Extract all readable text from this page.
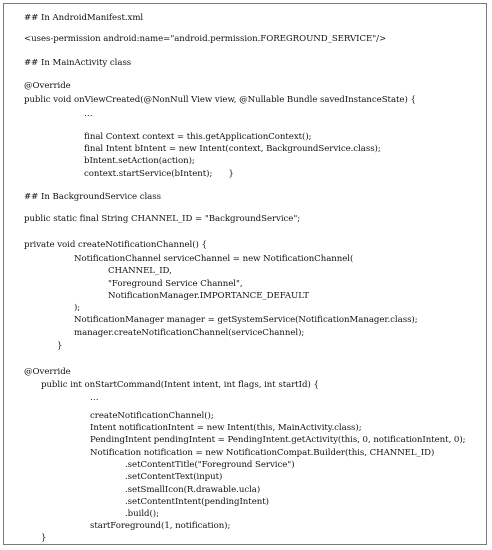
## In AndroidManifest.xml
<uses-permission android:name="android.permission.FOREGROUND_SERVICE"/>
## In MainActivity class
@Override
public void onViewCreated(@NonNull View view, @Nullable Bundle savedInstanceState) {
…
final Context context = this.getApplicationContext();
final Intent bIntent = new Intent(context, BackgroundService.class);
bIntent.setAction(action);
context.startService(bIntent);      }
## In BackgroundService class
public static final String CHANNEL_ID = "BackgroundService";
private void createNotificationChannel() {
NotificationChannel serviceChannel = new NotificationChannel(
CHANNEL_ID,
"Foreground Service Channel",
NotificationManager.IMPORTANCE_DEFAULT
);
NotificationManager manager = getSystemService(NotificationManager.class);
manager.createNotificationChannel(serviceChannel);
}
@Override
public int onStartCommand(Intent intent, int flags, int startId) {
…
createNotificationChannel();
Intent notificationIntent = new Intent(this, MainActivity.class);
PendingIntent pendingIntent = PendingIntent.getActivity(this, 0, notificationIntent, 0);
Notification notification = new NotificationCompat.Builder(this, CHANNEL_ID)
.setContentTitle("Foreground Service")
.setContentText(input)
.setSmallIcon(R.drawable.ucla)
.setContentIntent(pendingIntent)
.build();
startForeground(1, notification);
}
